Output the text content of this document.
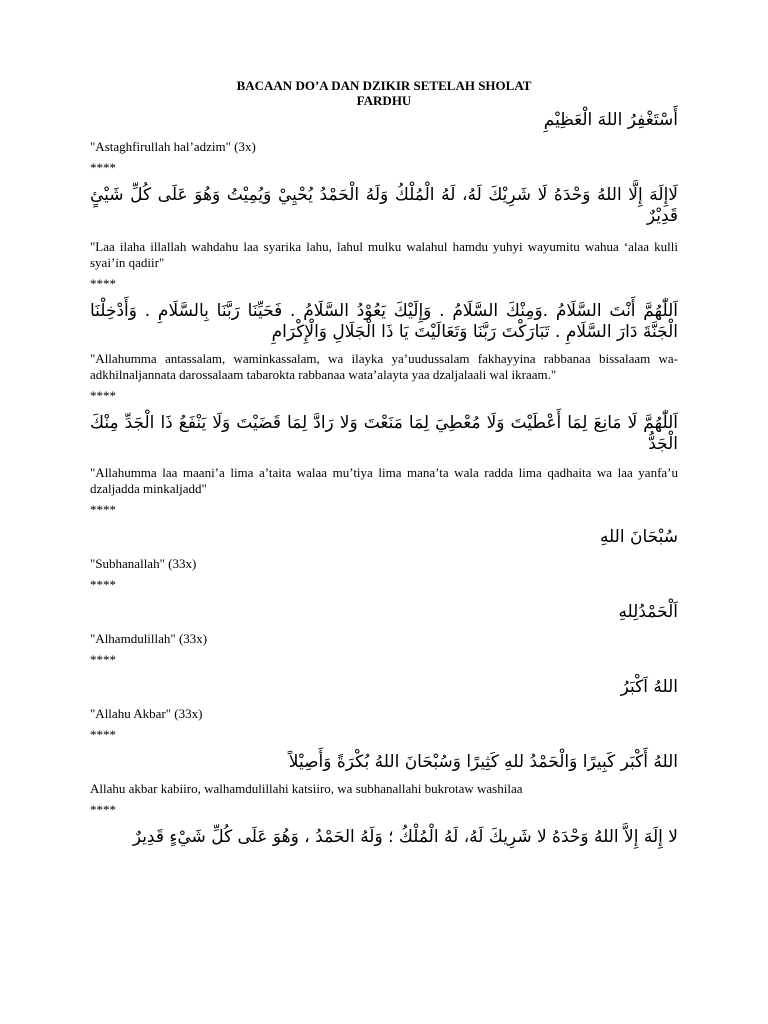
BACAAN DO’A DAN DZIKIR SETELAH SHOLAT
FARDHU

أَسْتَغْفِرُ اللهَ الْعَظِيْمِ

"Astaghfirullah hal’adzim" (3x)

****

لَاإِلَهَ إِلَّا اللهُ وَحْدَهُ لَا شَرِيْكَ لَهُ، لَهُ الْمُلْكُ وَلَهُ الْحَمْدُ يُحْيِيْ وَيُمِيْتُ وَهُوَ عَلَى كُلِّ شَيْئٍ قَدِيْرٌ

"Laa ilaha illallah wahdahu laa syarika lahu, lahul mulku walahul hamdu yuhyi wayumitu wahua ‘alaa kulli syai’in qadiir"

****

اَللّٰهُمَّ أَنْتَ السَّلَامُ .وَمِنْكَ السَّلَامُ . وَإِلَيْكَ يَعُوْدُ السَّلَامُ . فَحَيِّنَا رَبَّنَا بِالسَّلَامِ . وَأَدْخِلْنَا الْجَنَّةَ دَارَ السَّلَامِ . تَبَارَكْتَ رَبَّنَا وَتَعَالَيْتَ يَا ذَا الْجَلَالِ وَالْإِكْرَامِ

"Allahumma antassalam, waminkassalam, wa ilayka ya’uudussalam fakhayyina rabbanaa bissalaam wa-adkhilnaljannata darossalaam tabarokta rabbanaa wata’alayta yaa dzaljalaali wal ikraam."

****

اَللّٰهُمَّ لَا مَانِعَ لِمَا أَعْطَيْتَ وَلَا مُعْطِيَ لِمَا مَنَعْتَ وَلا رَادَّ لِمَا قَضَيْتَ وَلَا يَنْفَعُ ذَا الْجَدِّ مِنْكَ الْجَدُّ

"Allahumma laa maani’a lima a’taita walaa mu’tiya lima mana’ta wala radda lima qadhaita wa laa yanfa’u dzaljadda minkaljadd"

****

سُبْحَانَ اللهِ

"Subhanallah" (33x)

****

اَلْحَمْدُلِلهِ

"Alhamdulillah" (33x)

****

اللهُ اَكْبَرُ

"Allahu Akbar" (33x)

****

اللهُ أَكْبَر كَبِيرًا وَالْحَمْدُ للهِ كَثِيرًا وَسُبْحَانَ اللهُ بُكْرَةً وَأَصِيْلاً

Allahu akbar kabiiro, walhamdulillahi katsiiro, wa subhanallahi bukrotaw washilaa

****

لا إِلَهَ إِلاَّ اللهُ وَحْدَهُ لا شَرِيكَ لَهُ، لَهُ الْمُلْكُ ؛ وَلَهُ الحَمْدُ ، وَهُوَ عَلَى كُلِّ شَيْءٍ قَدِيرٌ
